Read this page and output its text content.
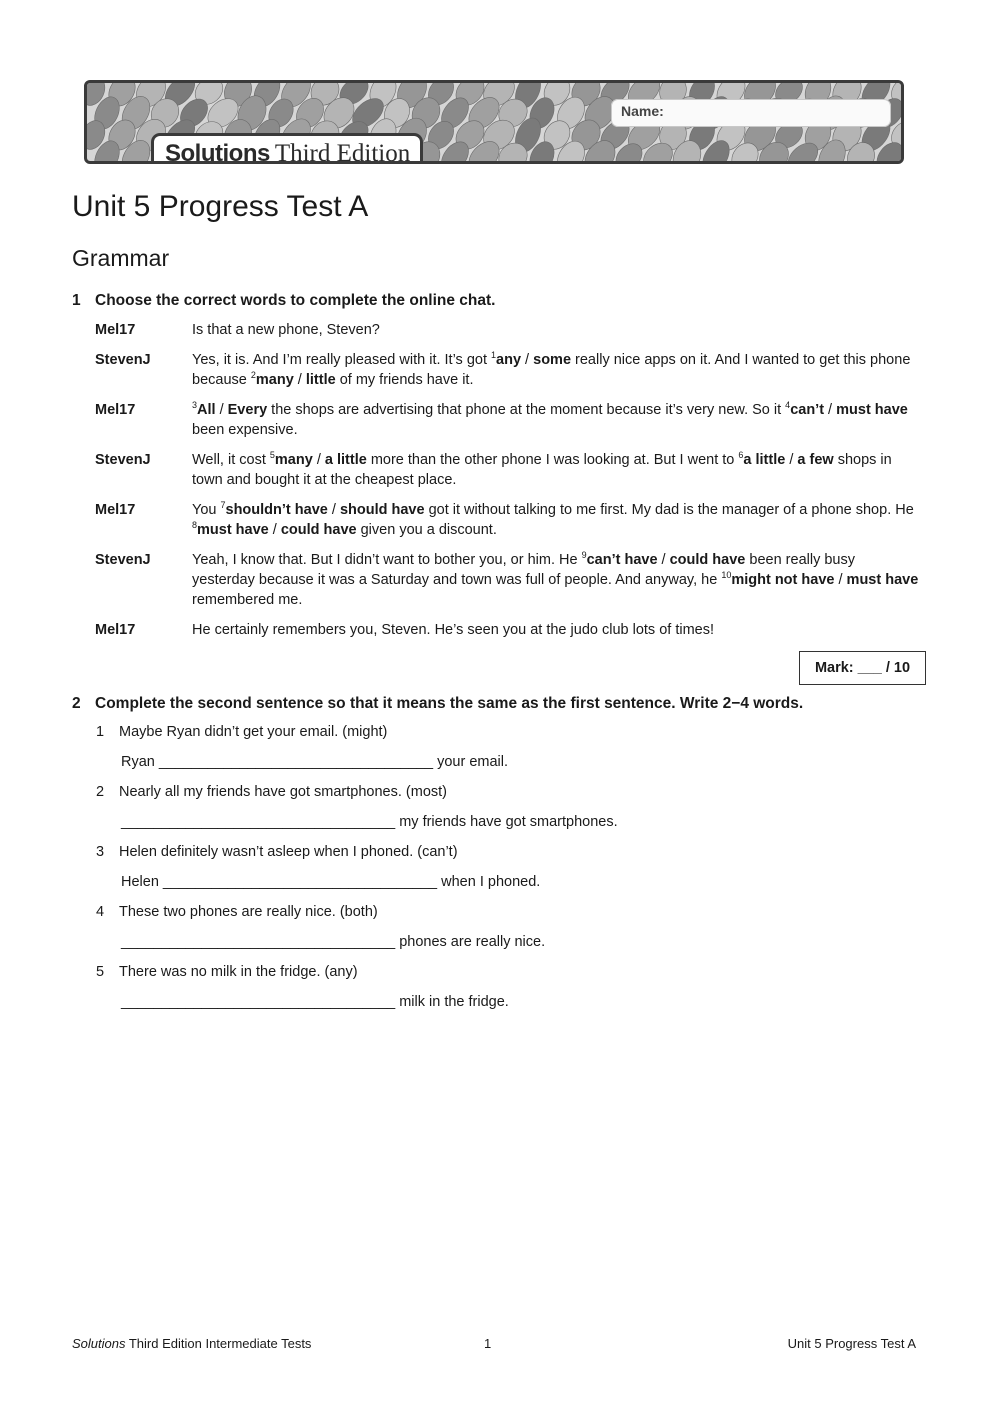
Name:
Solutions Third Edition
Unit 5 Progress Test A
Grammar
1 Choose the correct words to complete the online chat.
Mel17	Is that a new phone, Steven?
StevenJ	Yes, it is. And I’m really pleased with it. It’s got $^1$any / some really nice apps on it. And I wanted to get this phone because $^2$many / little of my friends have it.
Mel17	$^3$All / Every the shops are advertising that phone at the moment because it’s very new. So it $^4$can’t / must have been expensive.
StevenJ	Well, it cost $^5$many / a little more than the other phone I was looking at. But I went to $^6$a little / a few shops in town and bought it at the cheapest place.
Mel17	You $^7$shouldn’t have / should have got it without talking to me first. My dad is the manager of a phone shop. He $^8$must have / could have given you a discount.
StevenJ	Yeah, I know that. But I didn’t want to bother you, or him. He $^9$can’t have / could have been really busy yesterday because it was a Saturday and town was full of people. And anyway, he $^{10}$might not have / must have remembered me.
Mel17	He certainly remembers you, Steven. He’s seen you at the judo club lots of times!
Mark: ___ / 10
2 Complete the second sentence so that it means the same as the first sentence. Write 2−4 words.
1	Maybe Ryan didn’t get your email. (might)
Ryan __________________________________ your email.
2	Nearly all my friends have got smartphones. (most)
__________________________________ my friends have got smartphones.
3	Helen definitely wasn’t asleep when I phoned. (can’t)
Helen __________________________________ when I phoned.
4	These two phones are really nice. (both)
__________________________________ phones are really nice.
5	There was no milk in the fridge. (any)
__________________________________ milk in the fridge.
Solutions Third Edition Intermediate Tests	1	Unit 5 Progress Test A
